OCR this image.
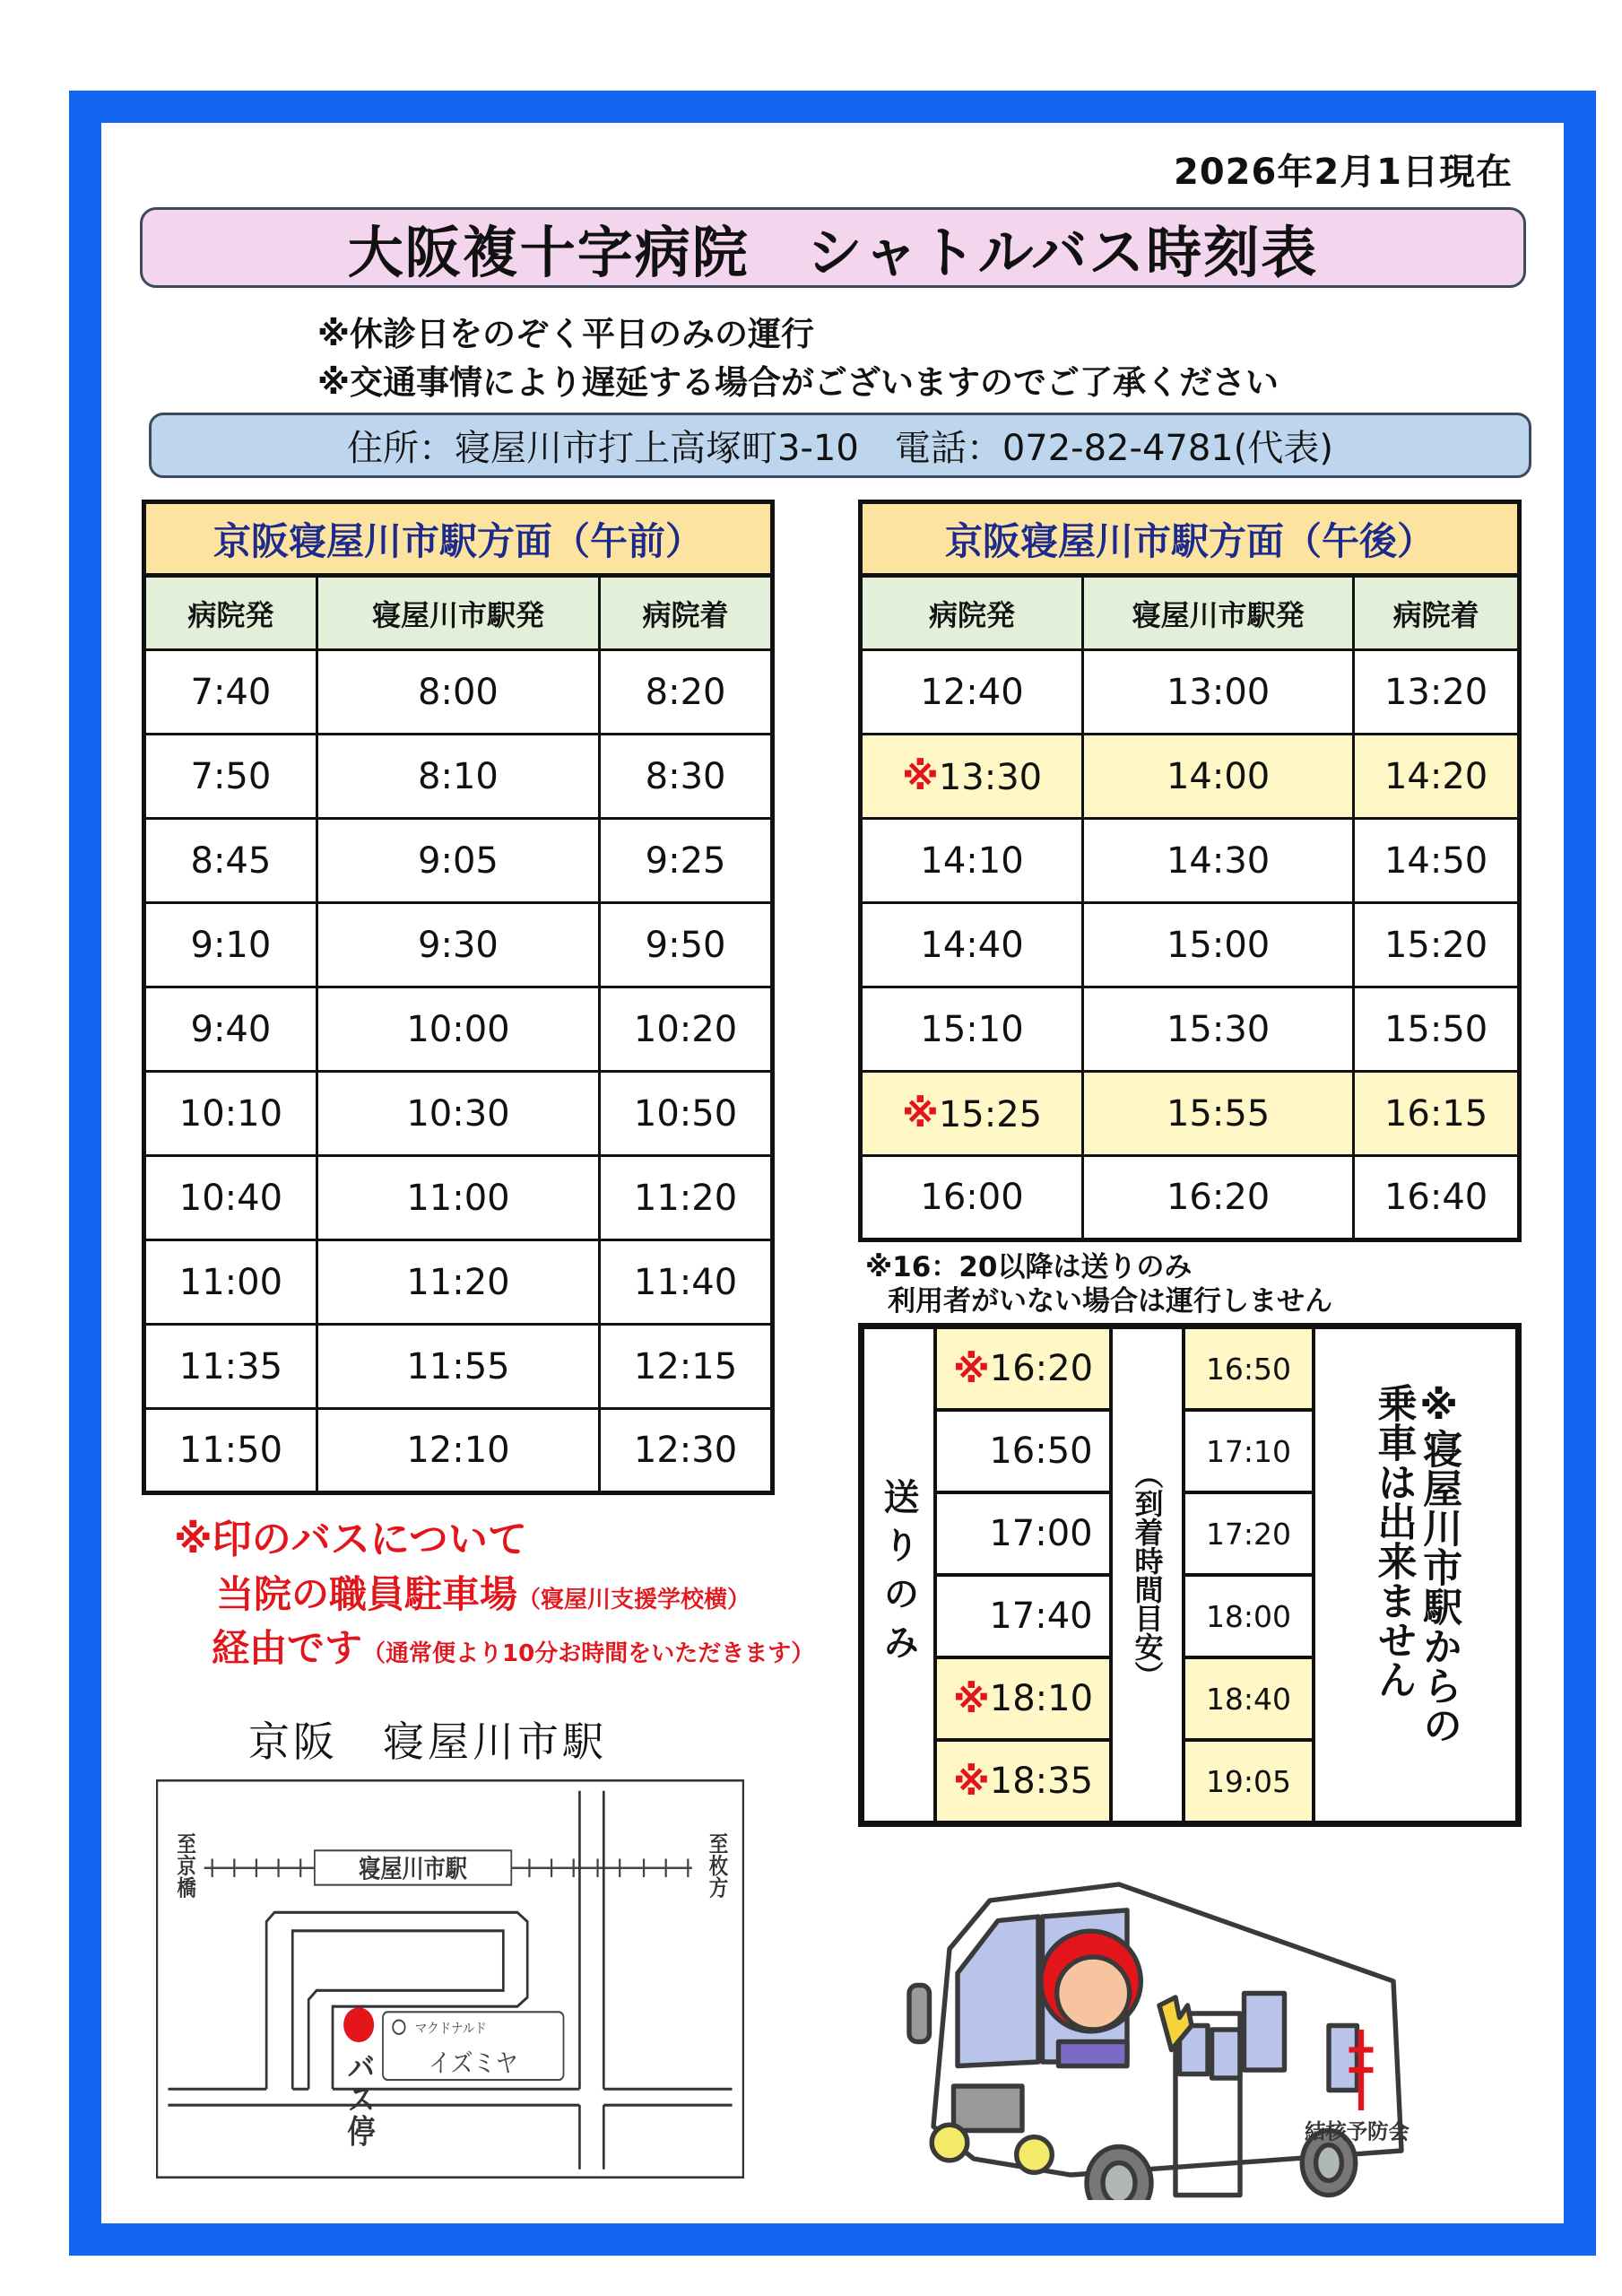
2026年2月1日現在
大阪複十字病院　シャトルバス時刻表
※休診日をのぞく平日のみの運行
※交通事情により遅延する場合がございますのでご了承ください
住所：寝屋川市打上高塚町3-10　電話：072-82-4781(代表)
京阪寝屋川市駅方面（午前）		
病院発	寝屋川市駅発	病院着
7:40	8:00	8:20
7:50	8:10	8:30
8:45	9:05	9:25
9:10	9:30	9:50
9:40	10:00	10:20
10:10	10:30	10:50
10:40	11:00	11:20
11:00	11:20	11:40
11:35	11:55	12:15
11:50	12:10	12:30
京阪寝屋川市駅方面（午後）		
病院発	寝屋川市駅発	病院着
12:40	13:00	13:20
※13:30	14:00	14:20
14:10	14:30	14:50
14:40	15:00	15:20
15:10	15:30	15:50
※15:25	15:55	16:15
16:00	16:20	16:40
※16：20以降は送りのみ
利用者がいない場合は運行しません
送りのみ	（到着時間目安）	※寝屋川市駅からの乗車は出来ません
※ 16:20	16:50
16:50	17:10
17:00	17:20
17:40	18:00
※ 18:10	18:40
※ 18:35	19:05
※印のバスについて
当院の職員駐車場（寝屋川支援学校横）
経由です（通常便より10分お時間をいただきます）
京阪　寝屋川市駅
寝屋川市駅
至京橋	至枚方
バス停
マクドナルド
イズミヤ
結核予防会
